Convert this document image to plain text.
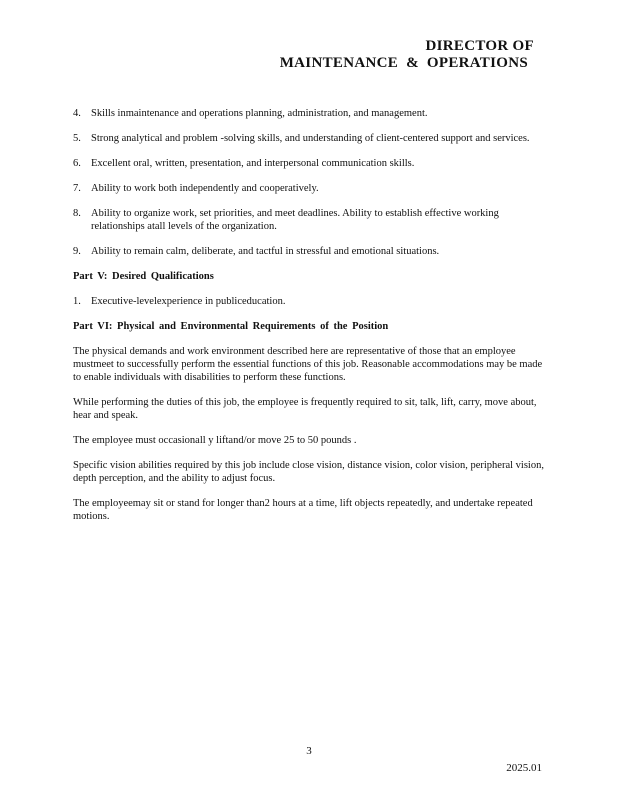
DIRECTOR OF
MAINTENANCE & OPERATIONS
4. Skills inmaintenance and operations planning, administration, and management.
5. Strong analytical and problem -solving skills, and understanding of client-centered support and services.
6. Excellent oral, written, presentation, and interpersonal communication skills.
7. Ability to work both independently and cooperatively.
8. Ability to organize work, set priorities, and meet deadlines. Ability to establish effective working relationships atall levels of the organization.
9. Ability to remain calm, deliberate, and tactful in stressful and emotional situations.
Part V: Desired Qualifications
1. Executive-levelexperience in publiceducation.
Part VI: Physical and Environmental Requirements of the Position
The physical demands and work environment described here are representative of those that an employee mustmeet to successfully perform the essential functions of this job. Reasonable accommodations may be made to enable individuals with disabilities to perform these functions.
While performing the duties of this job, the employee is frequently required to sit, talk, lift, carry, move about, hear and speak.
The employee must occasionall y liftand/or move 25 to 50 pounds .
Specific vision abilities required by this job include close vision, distance vision, color vision, peripheral vision, depth perception, and the ability to adjust focus.
The employeemay sit or stand for longer than2 hours at a time, lift objects repeatedly, and undertake repeated motions.
3
2025.01
